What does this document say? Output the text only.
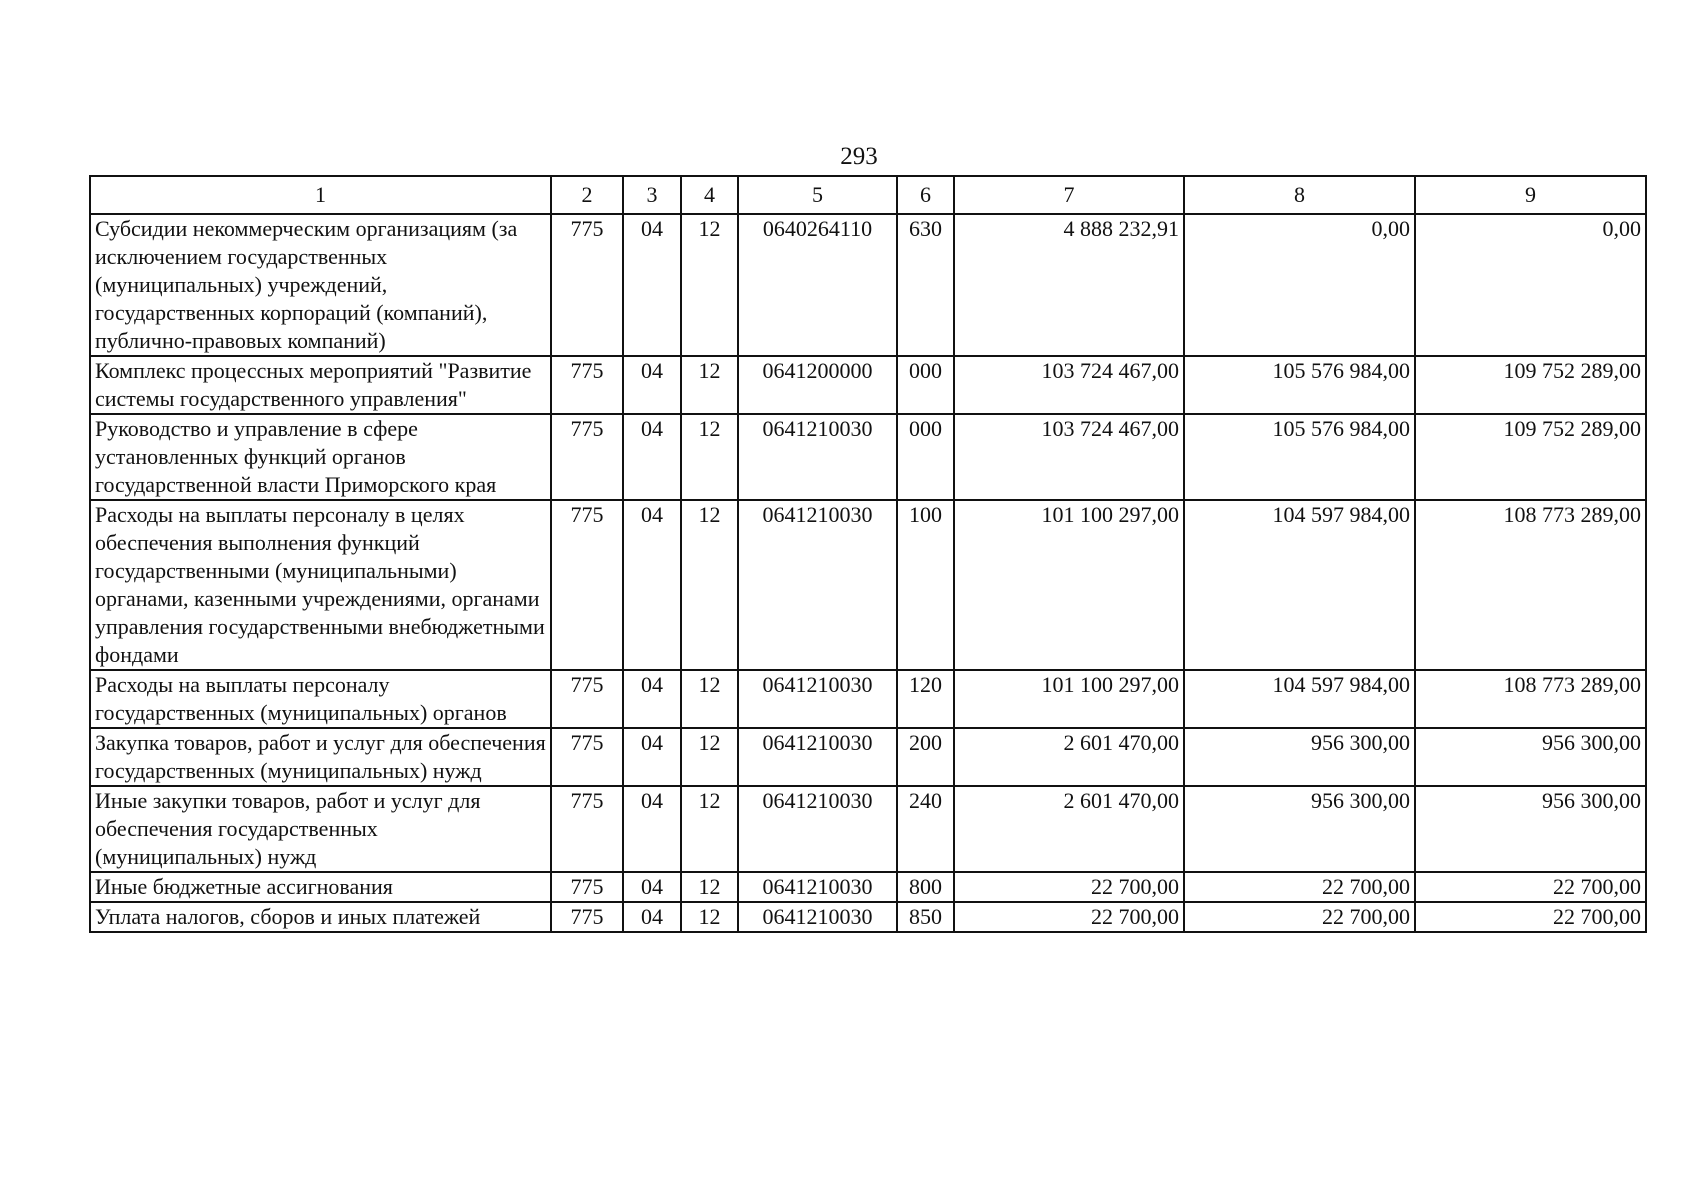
293
1	2	3	4	5	6	7	8	9
Субсидии некоммерческим организациям (за исключением государственных (муниципальных) учреждений, государственных корпораций (компаний), публично-правовых компаний)	775	04	12	0640264110	630	4 888 232,91	0,00	0,00
Комплекс процессных мероприятий "Развитие системы государственного управления"	775	04	12	0641200000	000	103 724 467,00	105 576 984,00	109 752 289,00
Руководство и управление в сфере установленных функций органов государственной власти Приморского края	775	04	12	0641210030	000	103 724 467,00	105 576 984,00	109 752 289,00
Расходы на выплаты персоналу в целях обеспечения выполнения функций государственными (муниципальными) органами, казенными учреждениями, органами управления государственными внебюджетными фондами	775	04	12	0641210030	100	101 100 297,00	104 597 984,00	108 773 289,00
Расходы на выплаты персоналу государственных (муниципальных) органов	775	04	12	0641210030	120	101 100 297,00	104 597 984,00	108 773 289,00
Закупка товаров, работ и услуг для обеспечения государственных (муниципальных) нужд	775	04	12	0641210030	200	2 601 470,00	956 300,00	956 300,00
Иные закупки товаров, работ и услуг для обеспечения государственных (муниципальных) нужд	775	04	12	0641210030	240	2 601 470,00	956 300,00	956 300,00
Иные бюджетные ассигнования	775	04	12	0641210030	800	22 700,00	22 700,00	22 700,00
Уплата налогов, сборов и иных платежей	775	04	12	0641210030	850	22 700,00	22 700,00	22 700,00
